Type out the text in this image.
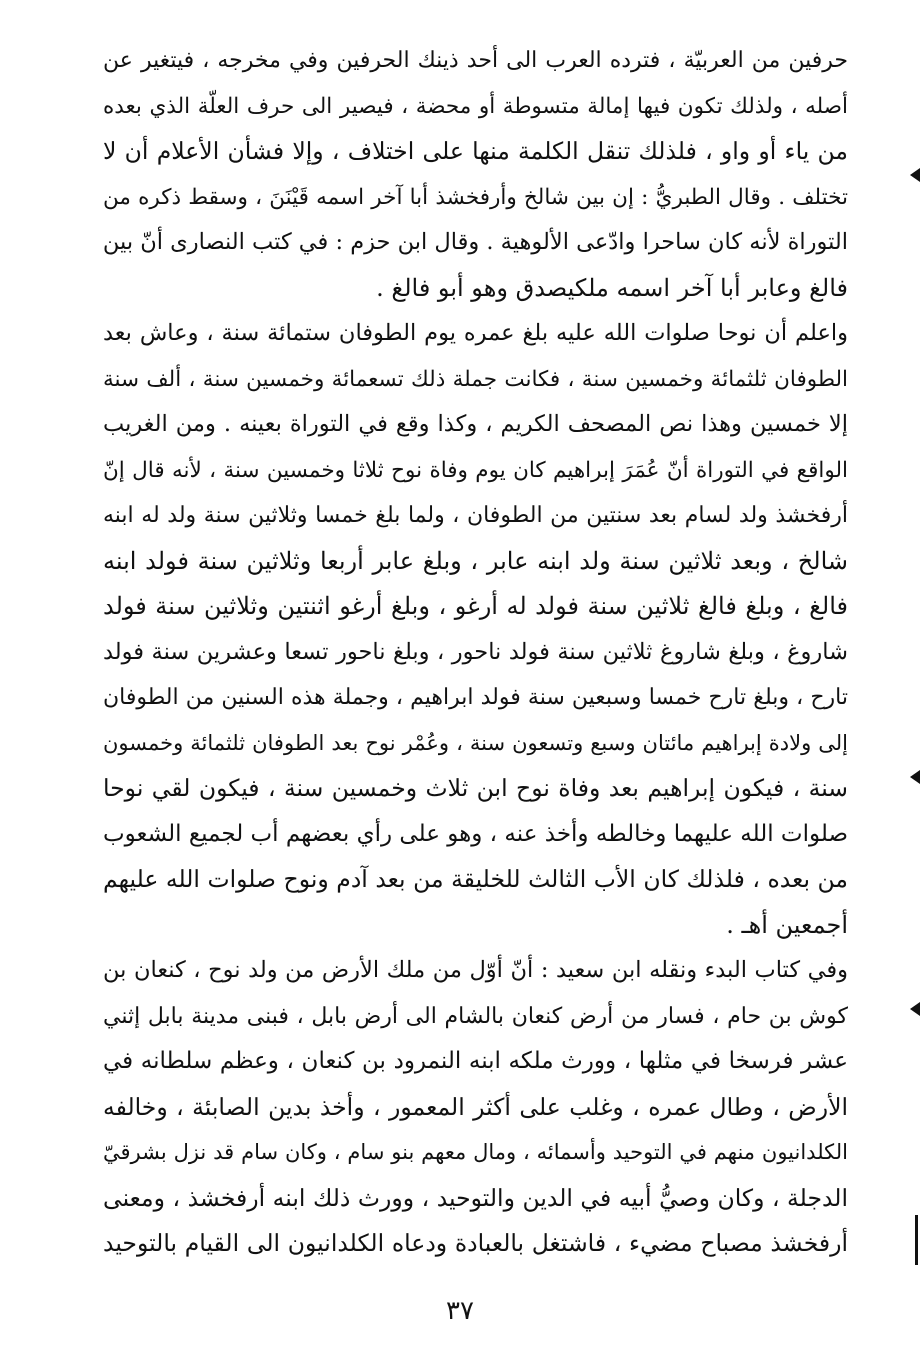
حرفين من العربيّة ، فترده العرب الى أحد ذينك الحرفين وفي مخرجه ، فيتغير عن
أصله ، ولذلك تكون فيها إمالة متسوطة أو محضة ، فيصير الى حرف العلّة الذي بعده
من ياء أو واو ، فلذلك تنقل الكلمة منها على اختلاف ، وإلا فشأن الأعلام أن لا
تختلف . وقال الطبريُّ : إن بين شالخ وأرفخشذ أبا آخر اسمه قَيْنَنَ ، وسقط ذكره من
التوراة لأنه كان ساحرا وادّعى الألوهية . وقال ابن حزم : في كتب النصارى أنّ بين
فالغ وعابر أبا آخر اسمه ملكيصدق وهو أبو فالغ .
واعلم أن نوحا صلوات الله عليه بلغ عمره يوم الطوفان ستمائة سنة ، وعاش بعد
الطوفان ثلثمائة وخمسين سنة ، فكانت جملة ذلك تسعمائة وخمسين سنة ، ألف سنة
إلا خمسين وهذا نص المصحف الكريم ، وكذا وقع في التوراة بعينه . ومن الغريب
الواقع في التوراة أنّ عُمَرَ إبراهيم كان يوم وفاة نوح ثلاثا وخمسين سنة ، لأنه قال إنّ
أرفخشذ ولد لسام بعد سنتين من الطوفان ، ولما بلغ خمسا وثلاثين سنة ولد له ابنه
شالخ ، وبعد ثلاثين سنة ولد ابنه عابر ، وبلغ عابر أربعا وثلاثين سنة فولد ابنه
فالغ ، وبلغ فالغ ثلاثين سنة فولد له أرغو ، وبلغ أرغو اثنتين وثلاثين سنة فولد
شاروغ ، وبلغ شاروغ ثلاثين سنة فولد ناحور ، وبلغ ناحور تسعا وعشرين سنة فولد
تارح ، وبلغ تارح خمسا وسبعين سنة فولد ابراهيم ، وجملة هذه السنين من الطوفان
إلى ولادة إبراهيم مائتان وسبع وتسعون سنة ، وعُمْر نوح بعد الطوفان ثلثمائة وخمسون
سنة ، فيكون إبراهيم بعد وفاة نوح ابن ثلاث وخمسين سنة ، فيكون لقي نوحا
صلوات الله عليهما وخالطه وأخذ عنه ، وهو على رأي بعضهم أب لجميع الشعوب
من بعده ، فلذلك كان الأب الثالث للخليقة من بعد آدم ونوح صلوات الله عليهم
أجمعين أهـ .
وفي كتاب البدء ونقله ابن سعيد : أنّ أوّل من ملك الأرض من ولد نوح ، كنعان بن
كوش بن حام ، فسار من أرض كنعان بالشام الى أرض بابل ، فبنى مدينة بابل إثني
عشر فرسخا في مثلها ، وورث ملكه ابنه النمرود بن كنعان ، وعظم سلطانه في
الأرض ، وطال عمره ، وغلب على أكثر المعمور ، وأخذ بدين الصابئة ، وخالفه
الكلدانيون منهم في التوحيد وأسمائه ، ومال معهم بنو سام ، وكان سام قد نزل بشرقيّ
الدجلة ، وكان وصيُّ أبيه في الدين والتوحيد ، وورث ذلك ابنه أرفخشذ ، ومعنى
أرفخشذ مصباح مضيء ، فاشتغل بالعبادة ودعاه الكلدانيون الى القيام بالتوحيد
٣٧
